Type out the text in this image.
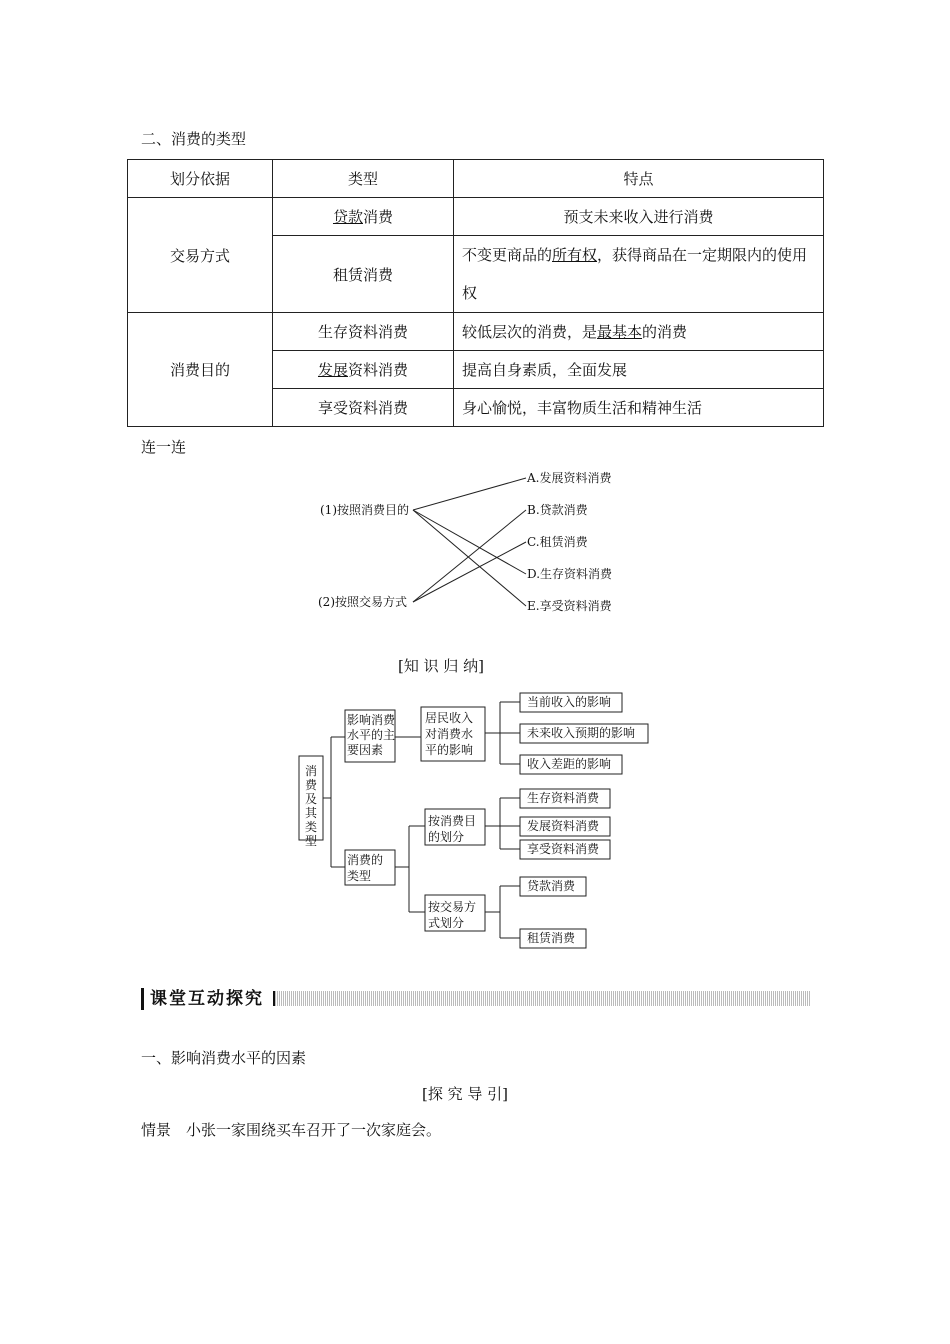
二、消费的类型
划分依据	类型	特点
交易方式	贷款消费	预支未来收入进行消费
	租赁消费	不变更商品的所有权，获得商品在一定期限内的使用权
消费目的	生存资料消费	较低层次的消费，是最基本的消费
	发展资料消费	提高自身素质，全面发展
	享受资料消费	身心愉悦，丰富物质生活和精神生活
连一连
(1)按照消费目的
(2)按照交易方式
A.发展资料消费
B.贷款消费
C.租赁消费
D.生存资料消费
E.享受资料消费
[知 识 归 纳]
消费及其类型
影响消费
水平的主
要因素
居民收入
对消费水
平的影响
消费的
类型
按消费目
的划分
按交易方
式划分
当前收入的影响
未来收入预期的影响
收入差距的影响
生存资料消费
发展资料消费
享受资料消费
贷款消费
租赁消费
课堂互动探究
一、影响消费水平的因素
[探 究 导 引]
情景　小张一家围绕买车召开了一次家庭会。
